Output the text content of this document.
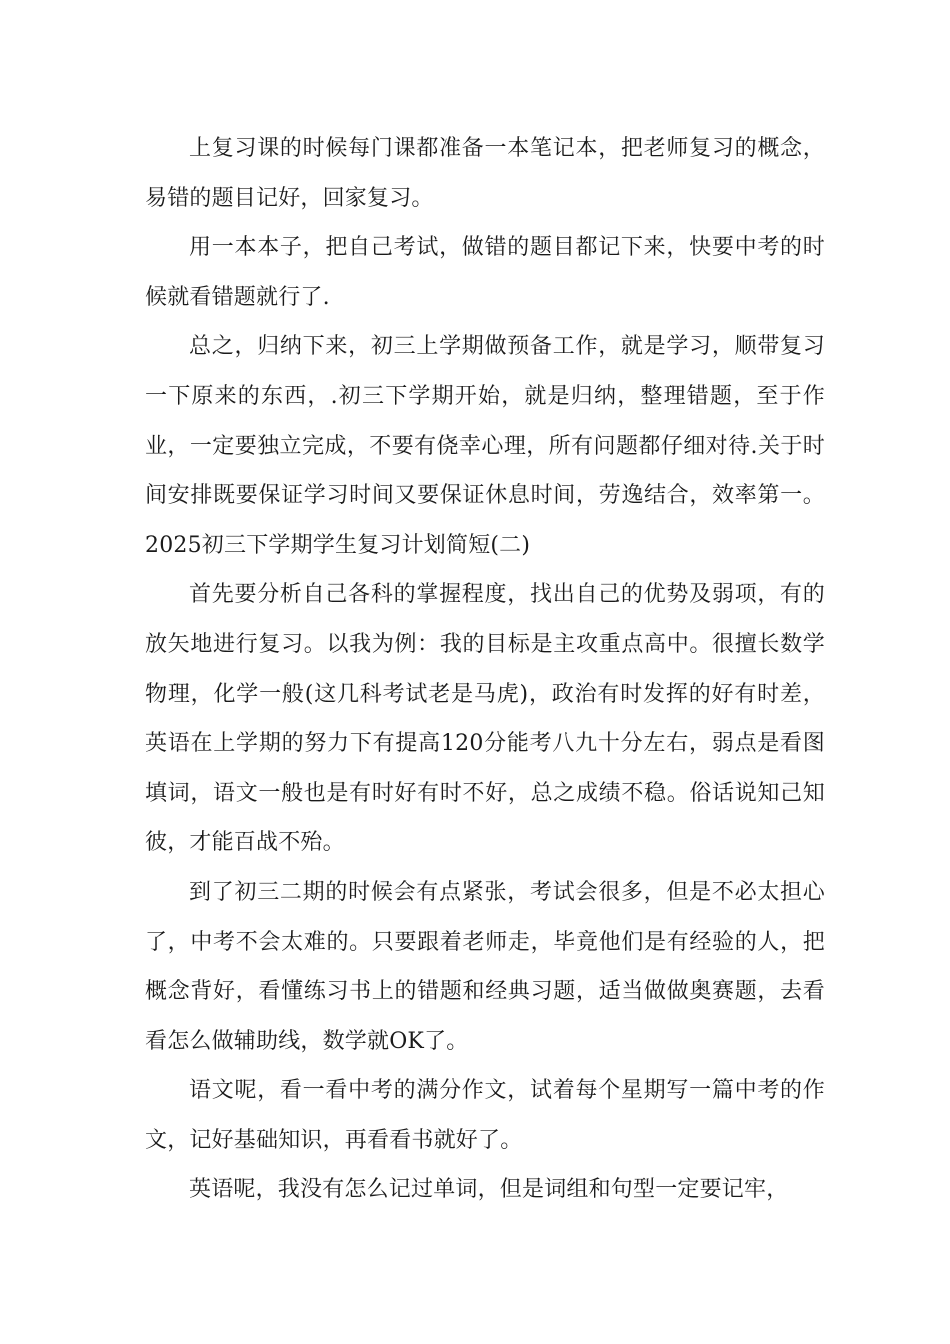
上复习课的时候每门课都准备一本笔记本，把老师复习的概念，易错的题目记好，回家复习。

用一本本子，把自己考试，做错的题目都记下来，快要中考的时候就看错题就行了.

总之，归纳下来，初三上学期做预备工作，就是学习，顺带复习一下原来的东西，.初三下学期开始，就是归纳，整理错题，至于作业，一定要独立完成，不要有侥幸心理，所有问题都仔细对待.关于时间安排既要保证学习时间又要保证休息时间，劳逸结合，效率第一。2025初三下学期学生复习计划简短(二)

首先要分析自己各科的掌握程度，找出自己的优势及弱项，有的放矢地进行复习。以我为例：我的目标是主攻重点高中。很擅长数学物理，化学一般(这几科考试老是马虎)，政治有时发挥的好有时差，英语在上学期的努力下有提高120分能考八九十分左右，弱点是看图填词，语文一般也是有时好有时不好，总之成绩不稳。俗话说知己知彼，才能百战不殆。

到了初三二期的时候会有点紧张，考试会很多，但是不必太担心了，中考不会太难的。只要跟着老师走，毕竟他们是有经验的人，把概念背好，看懂练习书上的错题和经典习题，适当做做奥赛题，去看看怎么做辅助线，数学就OK了。

语文呢，看一看中考的满分作文，试着每个星期写一篇中考的作文，记好基础知识，再看看书就好了。

英语呢，我没有怎么记过单词，但是词组和句型一定要记牢，
